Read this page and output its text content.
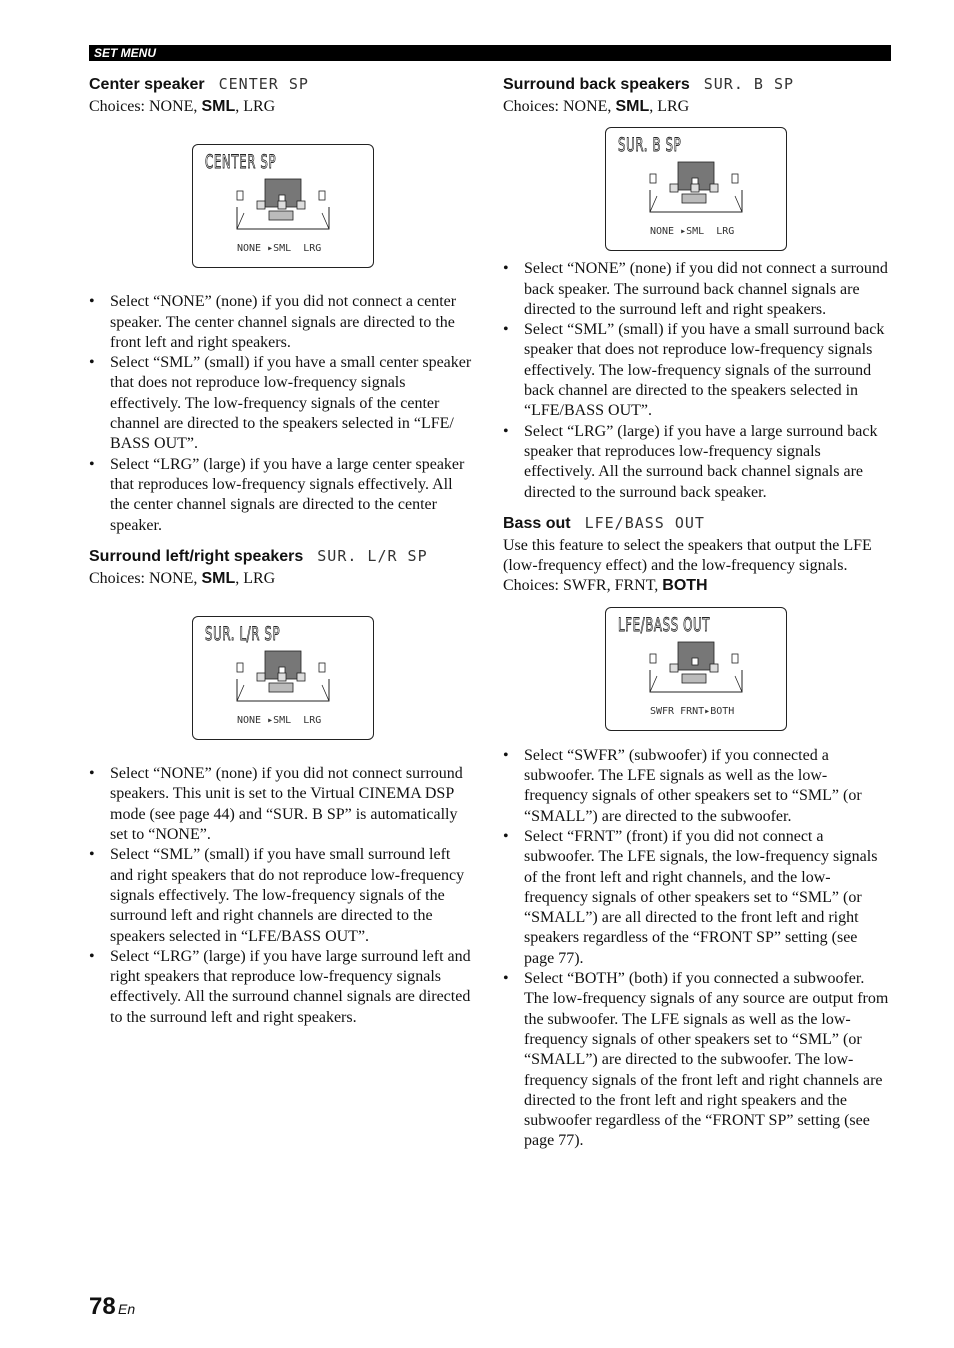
SET MENU

Center speaker CENTER SP

Choices: NONE, SML, LRG

CENTER SP
NONE ▸SML  LRG
• Select “NONE” (none) if you did not connect a center speaker. The center channel signals are directed to the front left and right speakers.
• Select “SML” (small) if you have a small center speaker that does not reproduce low-frequency signals effectively. The low-frequency signals of the center channel are directed to the speakers selected in “LFE/ BASS OUT”.
• Select “LRG” (large) if you have a large center speaker that reproduces low-frequency signals effectively. All the center channel signals are directed to the center speaker.

Surround left/right speakers SUR. L/R SP

Choices: NONE, SML, LRG

SUR. L/R SP
NONE ▸SML  LRG
• Select “NONE” (none) if you did not connect surround speakers. This unit is set to the Virtual CINEMA DSP mode (see page 44) and “SUR. B SP” is automatically set to “NONE”.
• Select “SML” (small) if you have small surround left and right speakers that do not reproduce low-frequency signals effectively. The low-frequency signals of the surround left and right channels are directed to the speakers selected in “LFE/BASS OUT”.
• Select “LRG” (large) if you have large surround left and right speakers that reproduce low-frequency signals effectively. All the surround channel signals are directed to the surround left and right speakers.

Surround back speakers SUR. B SP

Choices: NONE, SML, LRG

SUR. B SP
NONE ▸SML  LRG
• Select “NONE” (none) if you did not connect a surround back speaker. The surround back channel signals are directed to the surround left and right speakers.
• Select “SML” (small) if you have a small surround back speaker that does not reproduce low-frequency signals effectively. The low-frequency signals of the surround back channel are directed to the speakers selected in “LFE/BASS OUT”.
• Select “LRG” (large) if you have a large surround back speaker that reproduces low-frequency signals effectively. All the surround back channel signals are directed to the surround back speaker.

Bass out LFE/BASS OUT

Use this feature to select the speakers that output the LFE (low-frequency effect) and the low-frequency signals.

Choices: SWFR, FRNT, BOTH

LFE/BASS OUT
SWFR FRNT▸BOTH
• Select “SWFR” (subwoofer) if you connected a subwoofer. The LFE signals as well as the low-frequency signals of other speakers set to “SML” (or “SMALL”) are directed to the subwoofer.
• Select “FRNT” (front) if you did not connect a subwoofer. The LFE signals, the low-frequency signals of the front left and right channels, and the low-frequency signals of other speakers set to “SML” (or “SMALL”) are all directed to the front left and right speakers regardless of the “FRONT SP” setting (see page 77).
• Select “BOTH” (both) if you connected a subwoofer. The low-frequency signals of any source are output from the subwoofer. The LFE signals as well as the low-frequency signals of other speakers set to “SML” (or “SMALL”) are directed to the subwoofer. The low-frequency signals of the front left and right channels are directed to the front left and right speakers and the subwoofer regardless of the “FRONT SP” setting (see page 77).
78 En
